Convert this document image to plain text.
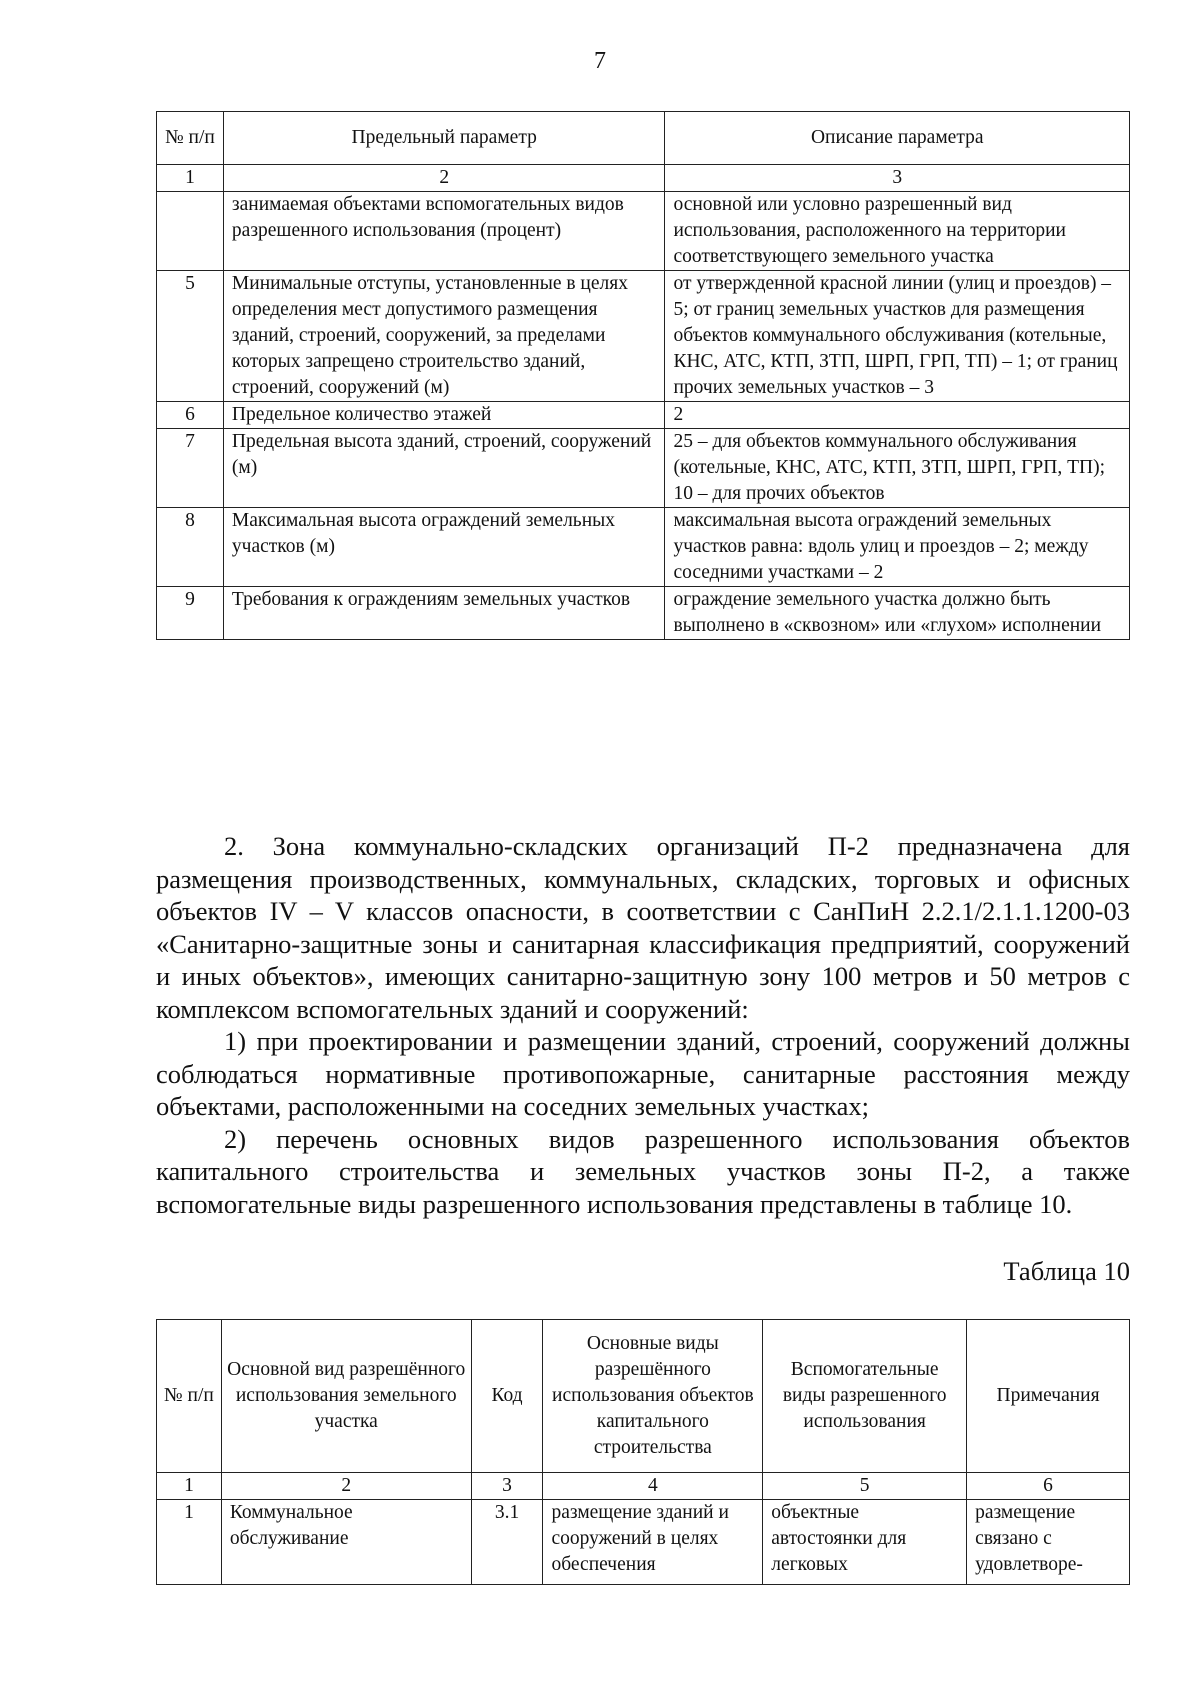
7
№ п/п	Предельный параметр	Описание параметра
1	2	3
	занимаемая объектами вспомогательных видов разрешенного использования (процент)	основной или условно разрешенный вид использования, расположенного на территории соответствующего земельного участка
5	Минимальные отступы, установленные в целях определения мест допустимого размещения зданий, строений, сооружений, за пределами которых запрещено строительство зданий, строений, сооружений (м)	от утвержденной красной линии (улиц и проездов) – 5; от границ земельных участков для размещения объектов коммунального обслуживания (котельные, КНС, АТС, КТП, ЗТП, ШРП, ГРП, ТП) – 1; от границ прочих земельных участков – 3
6	Предельное количество этажей	2
7	Предельная высота зданий, строений, сооружений (м)	25 – для объектов коммунального обслуживания (котельные, КНС, АТС, КТП, ЗТП, ШРП, ГРП, ТП); 10 – для прочих объектов
8	Максимальная высота ограждений земельных участков (м)	максимальная высота ограждений земельных участков равна: вдоль улиц и проездов – 2; между соседними участками – 2
9	Требования к ограждениям земельных участков	ограждение земельного участка должно быть выполнено в «сквозном» или «глухом» исполнении

2. Зона коммунально-складских организаций П-2 предназначена для размещения производственных, коммунальных, складских, торговых и офисных объектов IV – V классов опасности, в соответствии с СанПиН 2.2.1/2.1.1.1200-03 «Санитарно-защитные зоны и санитарная классификация предприятий, сооружений и иных объектов», имеющих санитарно-защитную зону 100 метров и 50 метров с комплексом вспомогательных зданий и сооружений:

1) при проектировании и размещении зданий, строений, сооружений должны соблюдаться нормативные противопожарные, санитарные расстояния между объектами, расположенными на соседних земельных участках;

2) перечень основных видов разрешенного использования объектов капитального строительства и земельных участков зоны П-2, а также вспомогательные виды разрешенного использования представлены в таблице 10.

Таблица 10
№ п/п	Основной вид разрешённого использования земельного участка	Код	Основные виды разрешённого использования объектов капитального строительства	Вспомогательные виды разрешенного использования	Примечания
1	2	3	4	5	6
1	Коммунальное обслуживание	3.1	размещение зданий и сооружений в целях обеспечения	объектные автостоянки для легковых	размещение связано с удовлетворе-
